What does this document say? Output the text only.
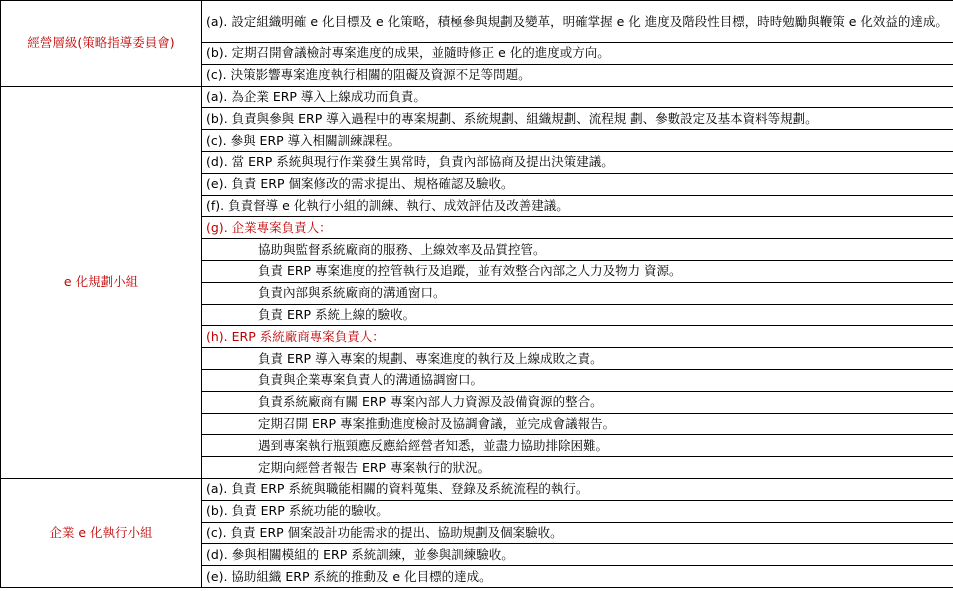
經營層級(策略指導委員會)	(a). 設定組織明確 e 化目標及 e 化策略，積極參與規劃及變革，明確掌握 e 化 進度及階段性目標，時時勉勵與鞭策 e 化效益的達成。
	(b). 定期召開會議檢討專案進度的成果，並隨時修正 e 化的進度或方向。
	(c). 決策影響專案進度執行相關的阻礙及資源不足等問題。
e 化規劃小組	(a). 為企業 ERP 導入上線成功而負責。
	(b). 負責與參與 ERP 導入過程中的專案規劃、系統規劃、組織規劃、流程規 劃、參數設定及基本資料等規劃。
	(c). 參與 ERP 導入相關訓練課程。
	(d). 當 ERP 系統與現行作業發生異常時，負責內部協商及提出決策建議。
	(e). 負責 ERP 個案修改的需求提出、規格確認及驗收。
	(f). 負責督導 e 化執行小組的訓練、執行、成效評估及改善建議。
	(g). 企業專案負責人：
	協助與監督系統廠商的服務、上線效率及品質控管。
	負責 ERP 專案進度的控管執行及追蹤，並有效整合內部之人力及物力 資源。
	負責內部與系統廠商的溝通窗口。
	負責 ERP 系統上線的驗收。
	(h). ERP 系統廠商專案負責人：
	負責 ERP 導入專案的規劃、專案進度的執行及上線成敗之責。
	負責與企業專案負責人的溝通協調窗口。
	負責系統廠商有關 ERP 專案內部人力資源及設備資源的整合。
	定期召開 ERP 專案推動進度檢討及協調會議，並完成會議報告。
	遇到專案執行瓶頸應反應給經營者知悉，並盡力協助排除困難。
	定期向經營者報告 ERP 專案執行的狀況。
企業 e 化執行小組	(a). 負責 ERP 系統與職能相關的資料蒐集、登錄及系統流程的執行。
	(b). 負責 ERP 系統功能的驗收。
	(c). 負責 ERP 個案設計功能需求的提出、協助規劃及個案驗收。
	(d). 參與相關模組的 ERP 系統訓練，並參與訓練驗收。
	(e). 協助組織 ERP 系統的推動及 e 化目標的達成。
